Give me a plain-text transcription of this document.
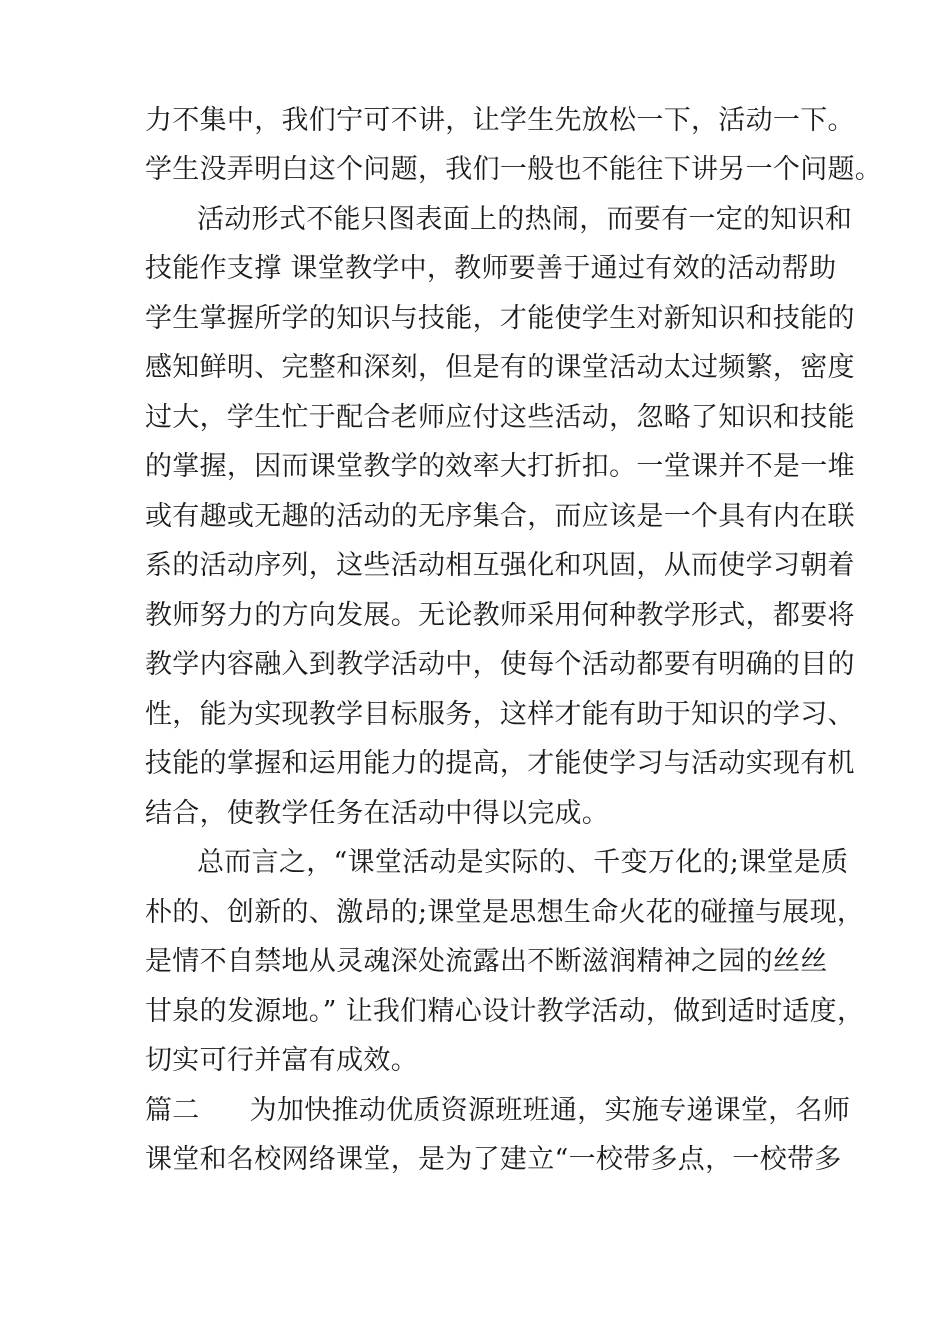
力不集中，我们宁可不讲，让学生先放松一下，活动一下。
学生没弄明白这个问题，我们一般也不能往下讲另一个问题。
活动形式不能只图表面上的热闹，而要有一定的知识和
技能作支撑 课堂教学中，教师要善于通过有效的活动帮助
学生掌握所学的知识与技能，才能使学生对新知识和技能的
感知鲜明、完整和深刻，但是有的课堂活动太过频繁，密度
过大，学生忙于配合老师应付这些活动，忽略了知识和技能
的掌握，因而课堂教学的效率大打折扣。一堂课并不是一堆
或有趣或无趣的活动的无序集合，而应该是一个具有内在联
系的活动序列，这些活动相互强化和巩固，从而使学习朝着
教师努力的方向发展。无论教师采用何种教学形式，都要将
教学内容融入到教学活动中，使每个活动都要有明确的目的
性，能为实现教学目标服务，这样才能有助于知识的学习、
技能的掌握和运用能力的提高，才能使学习与活动实现有机
结合，使教学任务在活动中得以完成。
总而言之，“课堂活动是实际的、千变万化的;课堂是质
朴的、创新的、激昂的;课堂是思想生命火花的碰撞与展现，
是情不自禁地从灵魂深处流露出不断滋润精神之园的丝丝
甘泉的发源地。” 让我们精心设计教学活动，做到适时适度，
切实可行并富有成效。
篇二 为加快推动优质资源班班通，实施专递课堂，名师
课堂和名校网络课堂，是为了建立“一校带多点，一校带多
